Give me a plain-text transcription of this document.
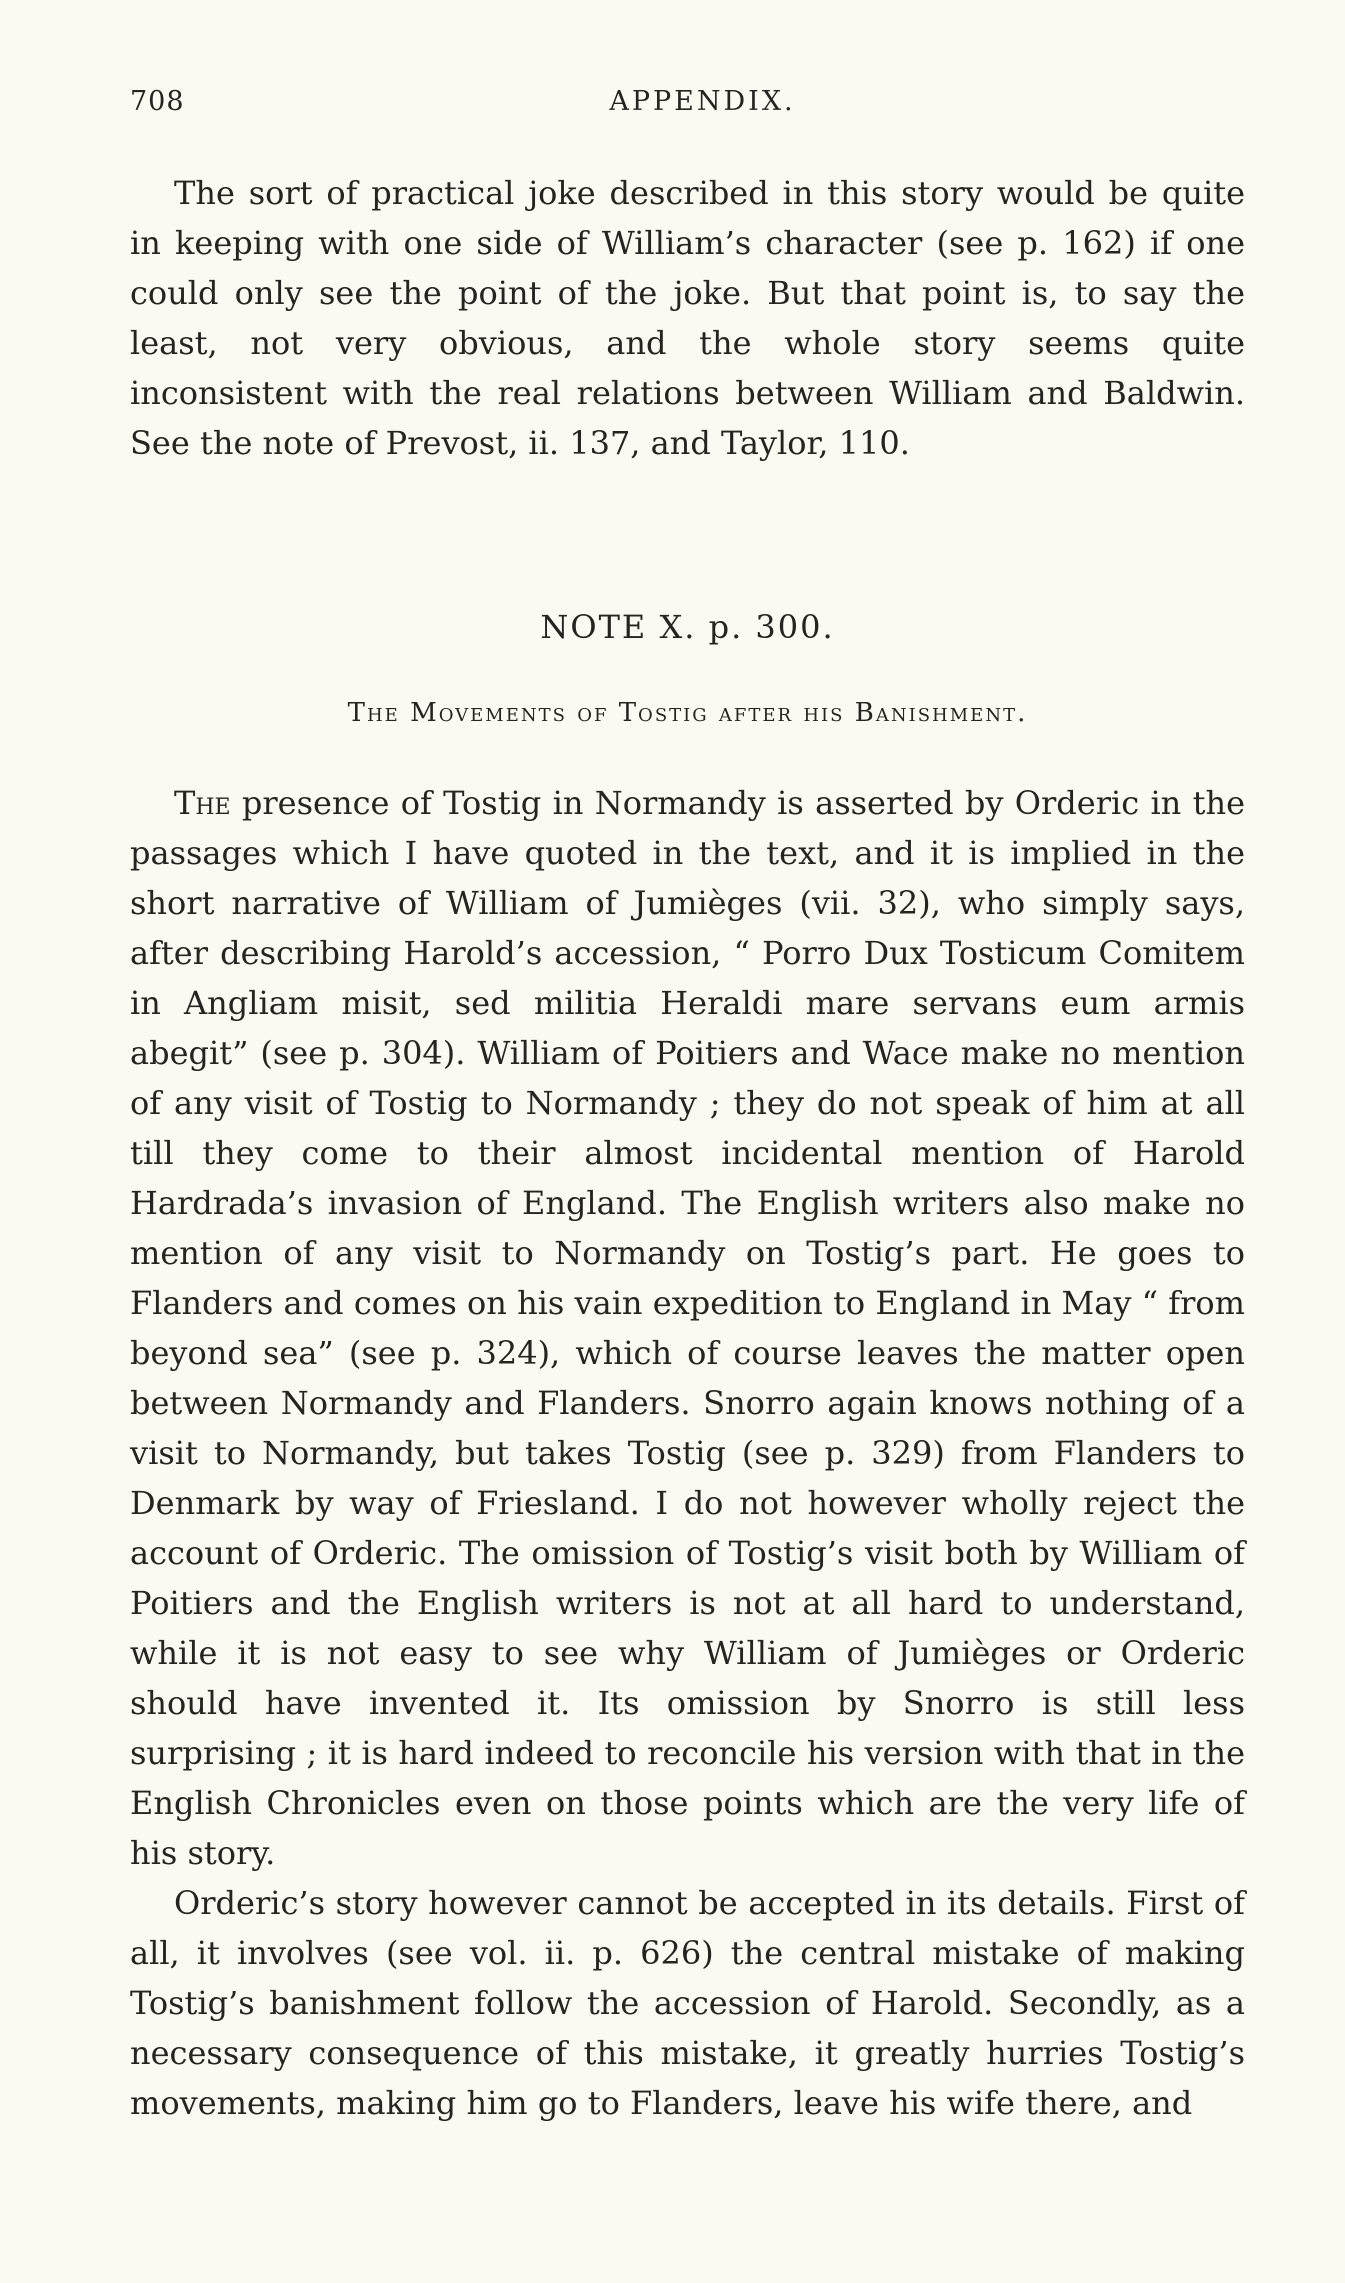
708	APPENDIX.

The sort of practical joke described in this story would be quite in keeping with one side of William’s character (see p. 162) if one could only see the point of the joke. But that point is, to say the least, not very obvious, and the whole story seems quite inconsistent with the real relations between William and Baldwin. See the note of Prevost, ii. 137, and Taylor, 110.

NOTE X. p. 300.
The Movements of Tostig after his Banishment.

The presence of Tostig in Normandy is asserted by Orderic in the passages which I have quoted in the text, and it is implied in the short narrative of William of Jumièges (vii. 32), who simply says, after describing Harold’s accession, “ Porro Dux Tosticum Comitem in Angliam misit, sed militia Heraldi mare servans eum armis abegit” (see p. 304). William of Poitiers and Wace make no mention of any visit of Tostig to Normandy ; they do not speak of him at all till they come to their almost incidental mention of Harold Hardrada’s invasion of England. The English writers also make no mention of any visit to Normandy on Tostig’s part. He goes to Flanders and comes on his vain expedition to England in May “ from beyond sea” (see p. 324), which of course leaves the matter open between Normandy and Flanders. Snorro again knows nothing of a visit to Normandy, but takes Tostig (see p. 329) from Flanders to Denmark by way of Friesland. I do not however wholly reject the account of Orderic. The omission of Tostig’s visit both by William of Poitiers and the English writers is not at all hard to understand, while it is not easy to see why William of Jumièges or Orderic should have invented it. Its omission by Snorro is still less surprising ; it is hard indeed to reconcile his version with that in the English Chronicles even on those points which are the very life of his story.

Orderic’s story however cannot be accepted in its details. First of all, it involves (see vol. ii. p. 626) the central mistake of making Tostig’s banishment follow the accession of Harold. Secondly, as a necessary consequence of this mistake, it greatly hurries Tostig’s movements, making him go to Flanders, leave his wife there, and
